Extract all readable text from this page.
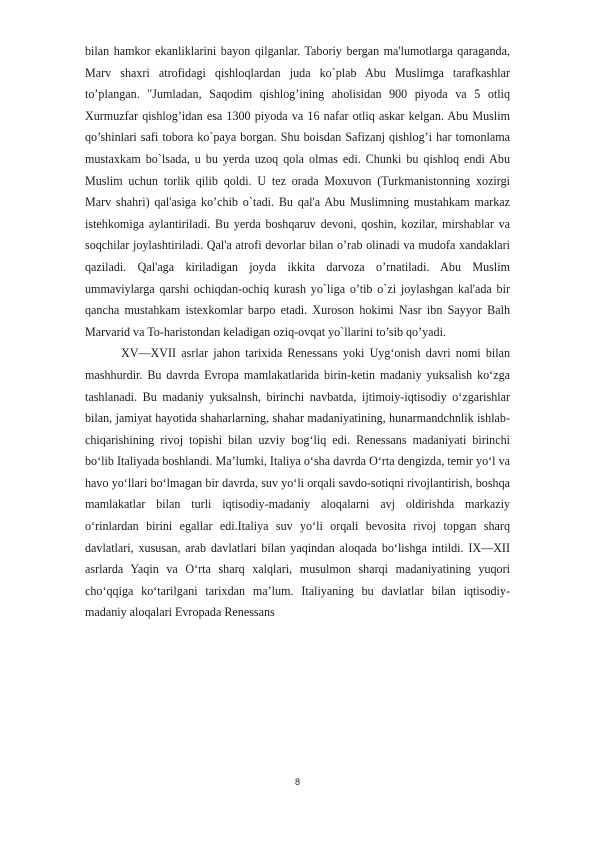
bilan hamkor ekanliklarini bayon qilganlar. Taboriy bergan ma'lumotlarga qaraganda, Marv shaxri atrofidagi qishloqlardan juda ko`plab Abu Muslimga tarafkashlar to’plangan. "Jumladan, Saqodim qishlog’ining aholisidan 900 piyoda va 5 otliq Xurmuzfar qishlog’idan esa 1300 piyoda va 16 nafar otliq askar kelgan. Abu Muslim qo’shinlari safi tobora ko`paya borgan. Shu boisdan Safizanj qishlog’i har tomonlama mustaxkam bo`lsada, u bu yerda uzoq qola olmas edi. Chunki bu qishloq endi Abu Muslim uchun torlik qilib qoldi. U tez orada Moxuvon (Turkmanistonning xozirgi Marv shahri) qal'asiga ko’chib o`tadi. Bu qal'a Abu Muslimning mustahkam markaz istehkomiga aylantiriladi. Bu yerda boshqaruv devoni, qoshin, kozilar, mirshablar va soqchilar joylashtiriladi. Qal'a atrofi devorlar bilan o’rab olinadi va mudofa xandaklari qaziladi. Qal'aga kiriladigan joyda ikkita darvoza o’rnatiladi. Abu Muslim ummaviylarga qarshi ochiqdan-ochiq kurash yo`liga o’tib o`zi joylashgan kal'ada bir qancha mustahkam istexkomlar barpo etadi. Xuroson hokimi Nasr ibn Sayyor Balh Marvarid va To-haristondan keladigan oziq-ovqat yo`llarini to’sib qo’yadi.

XV—XVII asrlar jahon tarixida Renessans yoki Uyg‘onish davri nomi bilan mashhurdir. Bu davrda Evropa mamlakatlarida birin-ketin madaniy yuksalish ko‘zga tashlanadi. Bu madaniy yuksalnsh, birinchi navbatda, ijtimoiy-iqtisodiy o‘zgarishlar bilan, jamiyat hayotida shaharlarning, shahar madaniyatining, hunarmandchnlik ishlab-chiqarishining rivoj topishi bilan uzviy bog‘liq edi. Renessans madaniyati birinchi bo‘lib Italiyada boshlandi. Ma’lumki, Italiya o‘sha davrda O‘rta dengizda, temir yo‘l va havo yo‘llari bo‘lmagan bir davrda, suv yo‘li orqali savdo-sotiqni rivojlantirish, boshqa mamlakatlar bilan turli iqtisodiy-madaniy aloqalarni avj oldirishda markaziy o‘rinlardan birini egallar edi.Italiya suv yo‘li orqali bevosita rivoj topgan sharq davlatlari, xususan, arab davlatlari bilan yaqindan aloqada bo‘lishga intildi. IX—XII asrlarda Yaqin va O‘rta sharq xalqlari, musulmon sharqi madaniyatining yuqori cho‘qqiga ko‘tarilgani tarixdan ma’lum. Italiyaning bu davlatlar bilan iqtisodiy-madaniy aloqalari Evropada Renessans

8
